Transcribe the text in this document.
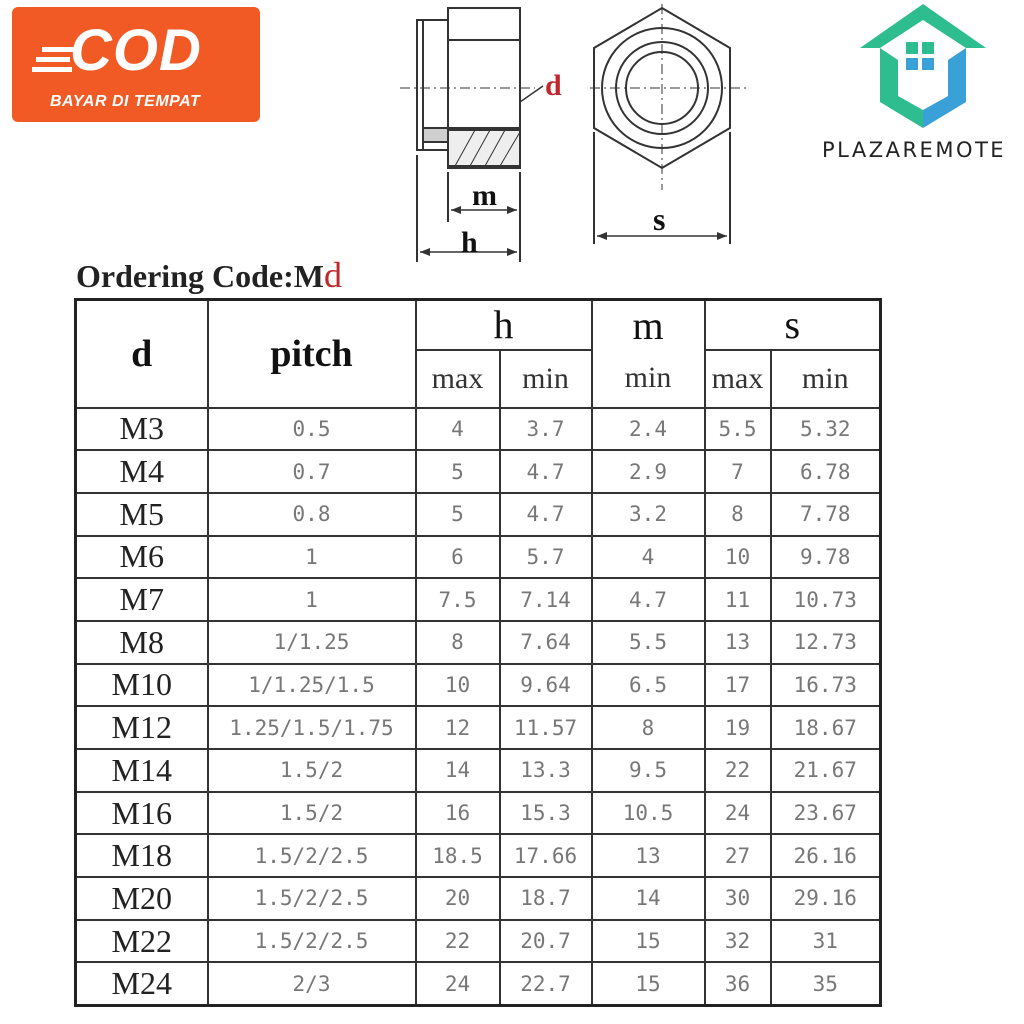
COD
BAYAR DI TEMPAT
PLAZAREMOTE
d
m
h
s
Ordering Code:Md
d	pitch	h		m	s	
		max	min	min	max	min
M3	0.5	4	3.7	2.4	5.5	5.32
M4	0.7	5	4.7	2.9	7	6.78
M5	0.8	5	4.7	3.2	8	7.78
M6	1	6	5.7	4	10	9.78
M7	1	7.5	7.14	4.7	11	10.73
M8	1/1.25	8	7.64	5.5	13	12.73
M10	1/1.25/1.5	10	9.64	6.5	17	16.73
M12	1.25/1.5/1.75	12	11.57	8	19	18.67
M14	1.5/2	14	13.3	9.5	22	21.67
M16	1.5/2	16	15.3	10.5	24	23.67
M18	1.5/2/2.5	18.5	17.66	13	27	26.16
M20	1.5/2/2.5	20	18.7	14	30	29.16
M22	1.5/2/2.5	22	20.7	15	32	31
M24	2/3	24	22.7	15	36	35
